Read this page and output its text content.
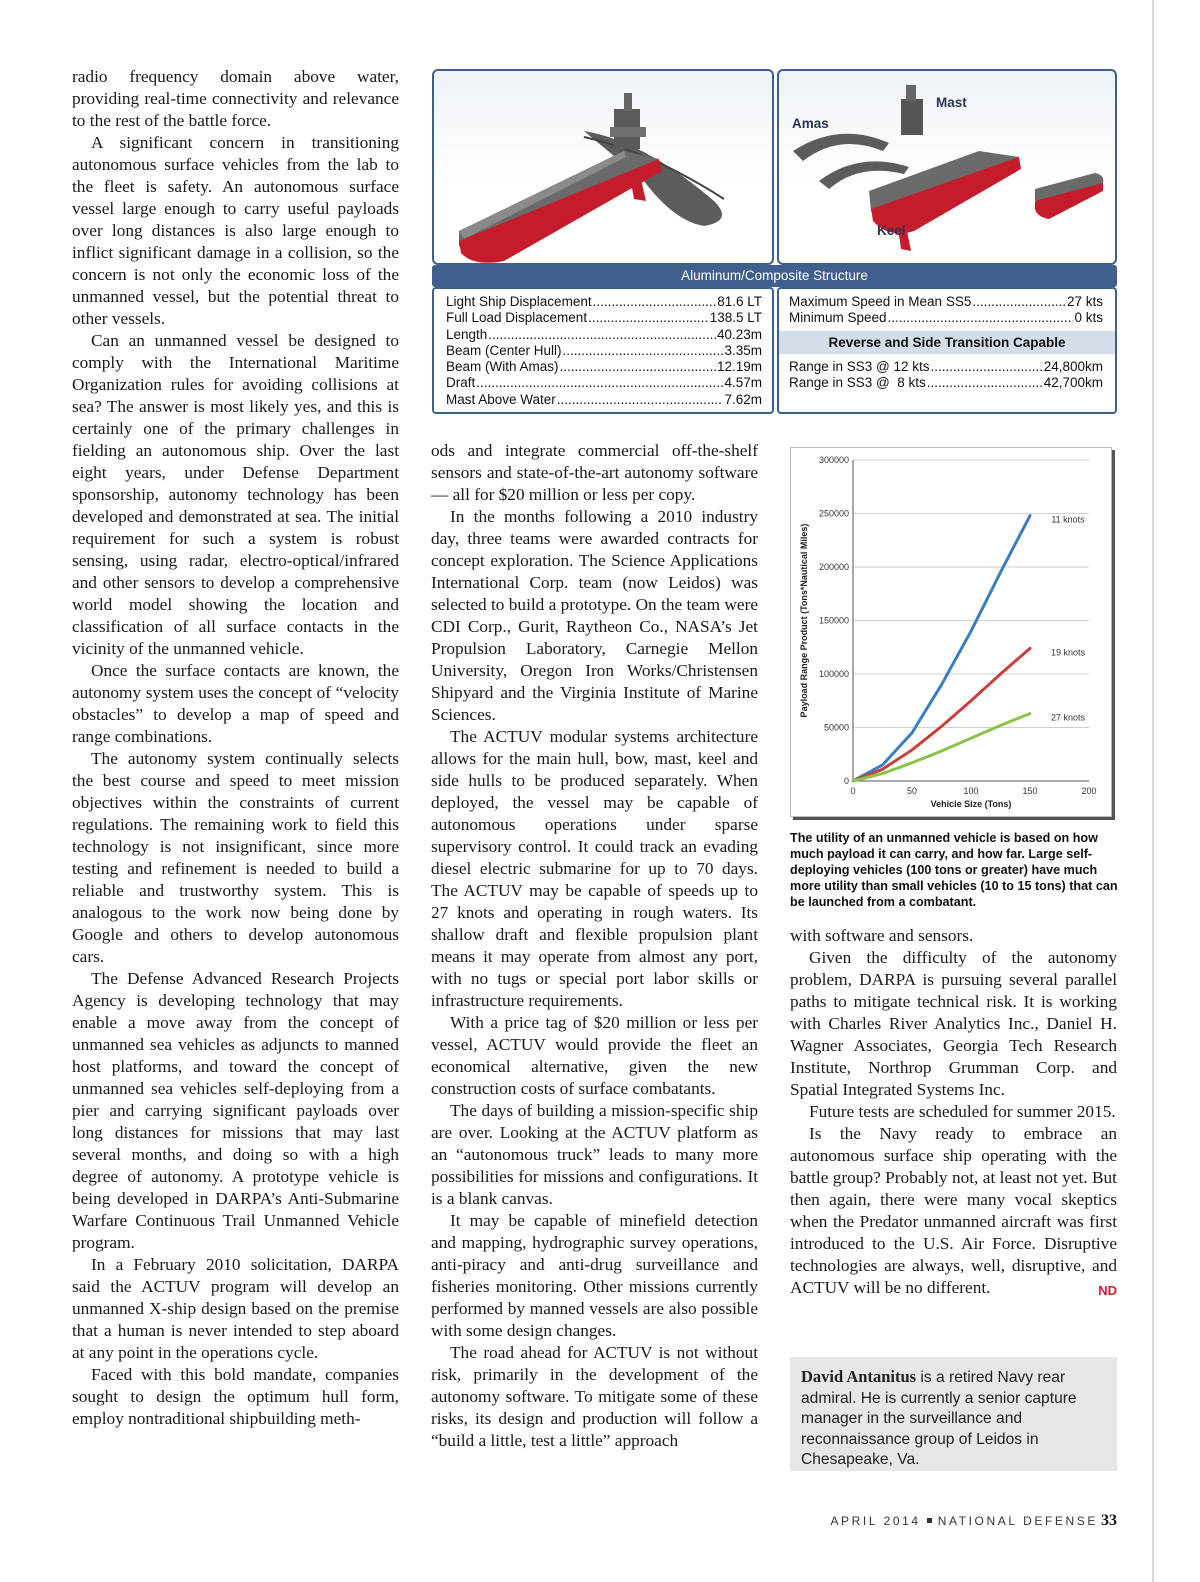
radio frequency domain above water, providing real-time connectivity and relevance to the rest of the battle force.

A significant concern in transitioning autonomous surface vehicles from the lab to the fleet is safety. An autonomous surface vessel large enough to carry useful payloads over long distances is also large enough to inflict significant damage in a collision, so the concern is not only the economic loss of the unmanned vessel, but the potential threat to other vessels.

Can an unmanned vessel be designed to comply with the International Maritime Organization rules for avoiding collisions at sea? The answer is most likely yes, and this is certainly one of the primary challenges in fielding an autonomous ship. Over the last eight years, under Defense Department sponsorship, autonomy technology has been developed and demonstrated at sea. The initial requirement for such a system is robust sensing, using radar, electro-optical/infrared and other sensors to develop a comprehensive world model showing the location and classification of all surface contacts in the vicinity of the unmanned vehicle.

Once the surface contacts are known, the autonomy system uses the concept of “velocity obstacles” to develop a map of speed and range combinations.

The autonomy system continually selects the best course and speed to meet mission objectives within the constraints of current regulations. The remaining work to field this technology is not insignificant, since more testing and refinement is needed to build a reliable and trustworthy system. This is analogous to the work now being done by Google and others to develop autonomous cars.

The Defense Advanced Research Projects Agency is developing technology that may enable a move away from the concept of unmanned sea vehicles as adjuncts to manned host platforms, and toward the concept of unmanned sea vehicles self-deploying from a pier and carrying significant payloads over long distances for missions that may last several months, and doing so with a high degree of autonomy. A prototype vehicle is being developed in DARPA’s Anti-Submarine Warfare Continuous Trail Unmanned Vehicle program.

In a February 2010 solicitation, DARPA said the ACTUV program will develop an unmanned X-ship design based on the premise that a human is never intended to step aboard at any point in the operations cycle.

Faced with this bold mandate, companies sought to design the optimum hull form, employ nontraditional shipbuilding meth-

Amas
Mast
Keel
Aluminum/Composite Structure
Light Ship Displacement .....	81.6 LT
Full Load Displacement .....	138.5 LT
Length .....	40.23m
Beam (Center Hull) .....	3.35m
Beam (With Amas) .....	12.19m
Draft .....	4.57m
Mast Above Water .....	7.62m
Maximum Speed in Mean SS5 .....	27 kts
Minimum Speed .....	0 kts
Reverse and Side Transition Capable
Range in SS3 @ 12 kts .....	24,800km
Range in SS3 @  8 kts .....	42,700km

ods and integrate commercial off-the-shelf sensors and state-of-the-art autonomy software — all for $20 million or less per copy.

In the months following a 2010 industry day, three teams were awarded contracts for concept exploration. The Science Applications International Corp. team (now Leidos) was selected to build a prototype. On the team were CDI Corp., Gurit, Raytheon Co., NASA’s Jet Propulsion Laboratory, Carnegie Mellon University, Oregon Iron Works/Christensen Shipyard and the Virginia Institute of Marine Sciences.

The ACTUV modular systems architecture allows for the main hull, bow, mast, keel and side hulls to be produced separately. When deployed, the vessel may be capable of autonomous operations under sparse supervisory control. It could track an evading diesel electric submarine for up to 70 days. The ACTUV may be capable of speeds up to 27 knots and operating in rough waters. Its shallow draft and flexible propulsion plant means it may operate from almost any port, with no tugs or special port labor skills or infrastructure requirements.

With a price tag of $20 million or less per vessel, ACTUV would provide the fleet an economical alternative, given the new construction costs of surface combatants.

The days of building a mission-specific ship are over. Looking at the ACTUV platform as an “autonomous truck” leads to many more possibilities for missions and configurations. It is a blank canvas.

It may be capable of minefield detection and mapping, hydrographic survey operations, anti-piracy and anti-drug surveillance and fisheries monitoring. Other missions currently performed by manned vessels are also possible with some design changes.

The road ahead for ACTUV is not without risk, primarily in the development of the autonomy software. To mitigate some of these risks, its design and production will follow a “build a little, test a little” approach

0
50000
100000
150000
200000
250000
300000
0	50	100	150	200
Vehicle Size (Tons)
Payload Range Product (Tons*Nautical Miles)
11 knots
19 knots
27 knots
The utility of an unmanned vehicle is based on how much payload it can carry, and how far. Large self-deploying vehicles (100 tons or greater) have much more utility than small vehicles (10 to 15 tons) that can be launched from a combatant.

with software and sensors.

Given the difficulty of the autonomy problem, DARPA is pursuing several parallel paths to mitigate technical risk. It is working with Charles River Analytics Inc., Daniel H. Wagner Associates, Georgia Tech Research Institute, Northrop Grumman Corp. and Spatial Integrated Systems Inc.

Future tests are scheduled for summer 2015.

Is the Navy ready to embrace an autonomous surface ship operating with the battle group? Probably not, at least not yet. But then again, there were many vocal skeptics when the Predator unmanned aircraft was first introduced to the U.S. Air Force. Disruptive technologies are always, well, disruptive, and ACTUV will be no different.	ND

David Antanitus is a retired Navy rear admiral. He is currently a senior capture manager in the surveillance and reconnaissance group of Leidos in Chesapeake, Va.
APRIL 2014 NATIONAL DEFENSE 33
